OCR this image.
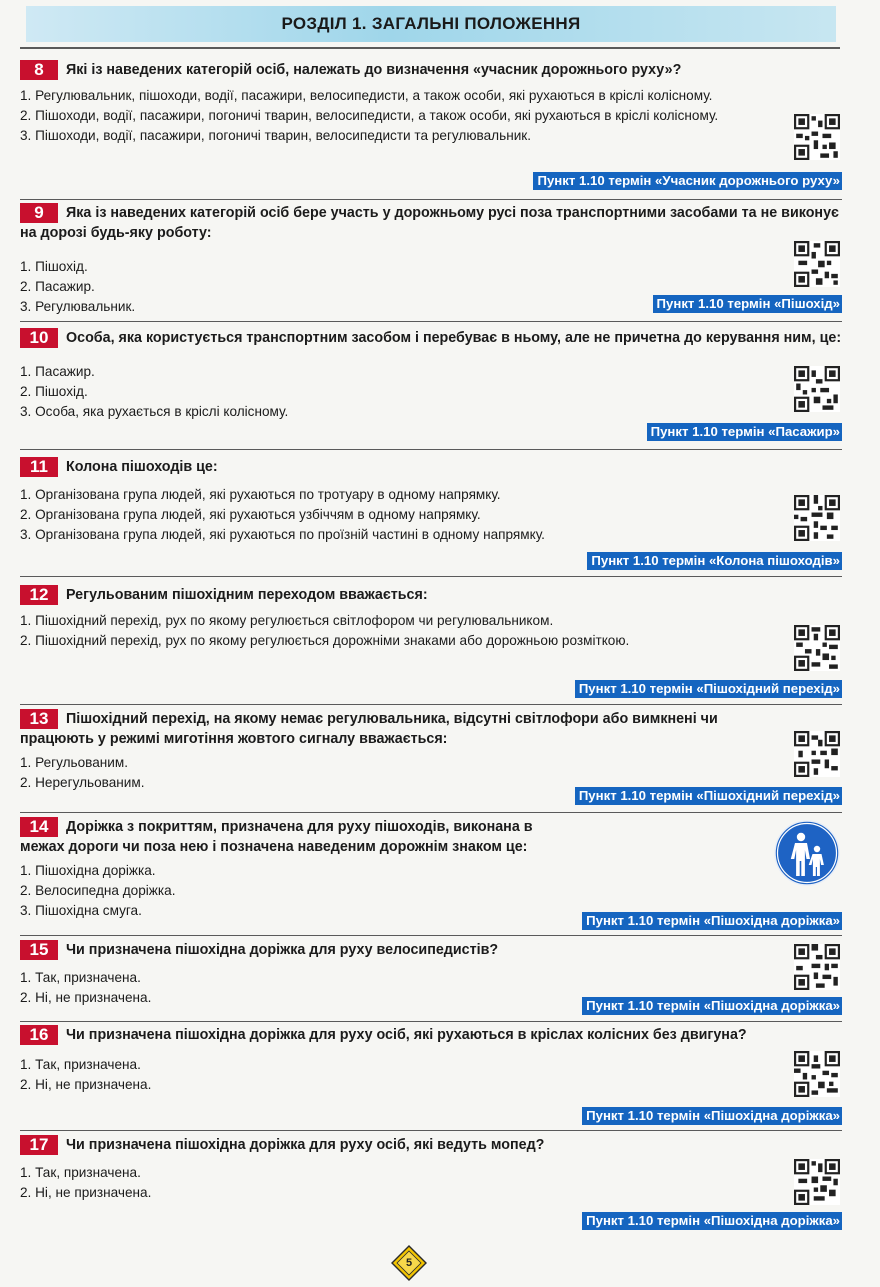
РОЗДІЛ 1. ЗАГАЛЬНІ ПОЛОЖЕННЯ
8 Які із наведених категорій осіб, належать до визначення «учасник дорожнього руху»?
1. Регулювальник, пішоходи, водії, пасажири, велосипедисти, а також особи, які рухаються в кріслі колісному.
2. Пішоходи, водії, пасажири, погоничі тварин, велосипедисти, а також особи, які рухаються в кріслі колісному.
3. Пішоходи, водії, пасажири, погоничі тварин, велосипедисти та регулювальник.
Пункт 1.10 термін «Учасник дорожнього руху»
9 Яка із наведених категорій осіб бере участь у дорожньому русі поза транспортними засобами та не виконує на дорозі будь-яку роботу:
1. Пішохід.
2. Пасажир.
3. Регулювальник.	Пункт 1.10 термін «Пішохід»
10 Особа, яка користується транспортним засобом і перебуває в ньому, але не причетна до керування ним, це:
1. Пасажир.
2. Пішохід.
3. Особа, яка рухається в кріслі колісному.
Пункт 1.10 термін «Пасажир»
11 Колона пішоходів це:
1. Організована група людей, які рухаються по тротуару в одному напрямку.
2. Організована група людей, які рухаються узбіччям в одному напрямку.
3. Організована група людей, які рухаються по проїзній частині в одному напрямку.
Пункт 1.10 термін «Колона пішоходів»
12 Регульованим пішохідним переходом вважається:
1. Пішохідний перехід, рух по якому регулюється світлофором чи регулювальником.
2. Пішохідний перехід, рух по якому регулюється дорожніми знаками або дорожньою розміткою.
Пункт 1.10 термін «Пішохідний перехід»
13 Пішохідний перехід, на якому немає регулювальника, відсутні світлофори або вимкнені чи працюють у режимі миготіння жовтого сигналу вважається:
1. Регульованим.
2. Нерегульованим.
Пункт 1.10 термін «Пішохідний перехід»
14 Доріжка з покриттям, призначена для руху пішоходів, виконана в межах дороги чи поза нею і позначена наведеним дорожнім знаком це:
1. Пішохідна доріжка.
2. Велосипедна доріжка.
3. Пішохідна смуга.
Пункт 1.10 термін «Пішохідна доріжка»
15 Чи призначена пішохідна доріжка для руху велосипедистів?
1. Так, призначена.
2. Ні, не призначена.
Пункт 1.10 термін «Пішохідна доріжка»
16 Чи призначена пішохідна доріжка для руху осіб, які рухаються в кріслах колісних без двигуна?
1. Так, призначена.
2. Ні, не призначена.
Пункт 1.10 термін «Пішохідна доріжка»
17 Чи призначена пішохідна доріжка для руху осіб, які ведуть мопед?
1. Так, призначена.
2. Ні, не призначена.
Пункт 1.10 термін «Пішохідна доріжка»
5
